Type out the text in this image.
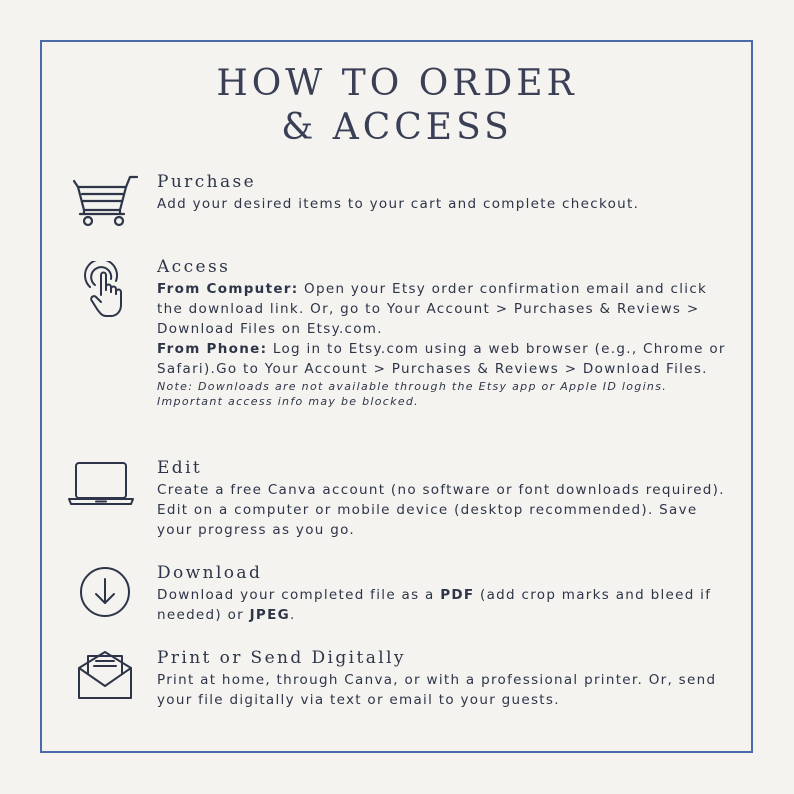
HOW TO ORDER
& ACCESS

Purchase

Add your desired items to your cart and complete checkout.

Access

From Computer: Open your Etsy order confirmation email and click the download link. Or, go to Your Account > Purchases & Reviews > Download Files on Etsy.com.

From Phone: Log in to Etsy.com using a web browser (e.g., Chrome or Safari).Go to Your Account > Purchases & Reviews > Download Files.

Note: Downloads are not available through the Etsy app or Apple ID logins. Important access info may be blocked.

Edit

Create a free Canva account (no software or font downloads required). Edit on a computer or mobile device (desktop recommended). Save your progress as you go.

Download

Download your completed file as a PDF (add crop marks and bleed if needed) or JPEG.

Print or Send Digitally

Print at home, through Canva, or with a professional printer. Or, send your file digitally via text or email to your guests.
